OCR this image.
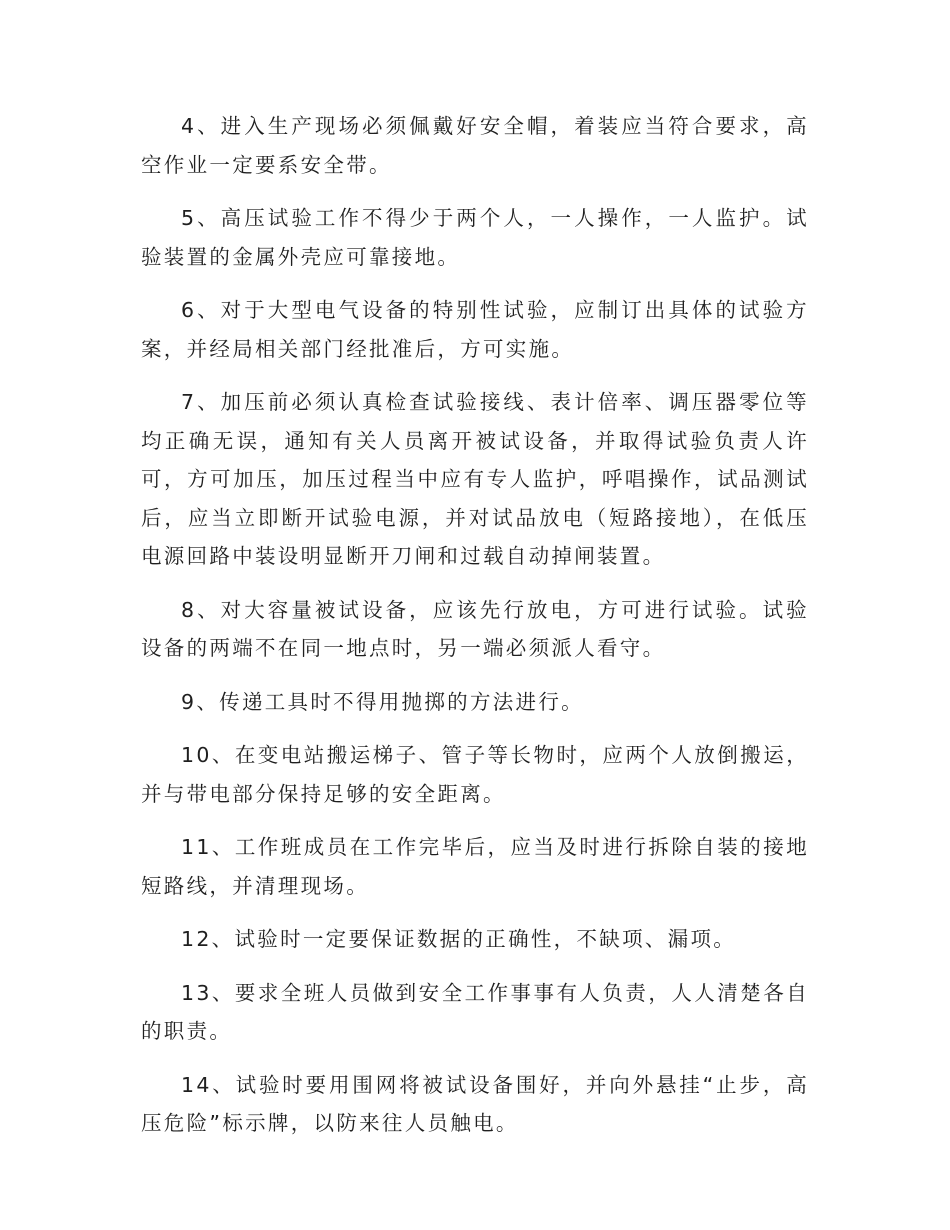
4、进入生产现场必须佩戴好安全帽，着装应当符合要求，高空作业一定要系安全带。

5、高压试验工作不得少于两个人，一人操作，一人监护。试验装置的金属外壳应可靠接地。

6、对于大型电气设备的特别性试验，应制订出具体的试验方案，并经局相关部门经批准后，方可实施。

7、加压前必须认真检查试验接线、表计倍率、调压器零位等均正确无误，通知有关人员离开被试设备，并取得试验负责人许可，方可加压，加压过程当中应有专人监护，呼唱操作，试品测试后，应当立即断开试验电源，并对试品放电（短路接地），在低压电源回路中装设明显断开刀闸和过载自动掉闸装置。

8、对大容量被试设备，应该先行放电，方可进行试验。试验设备的两端不在同一地点时，另一端必须派人看守。

9、传递工具时不得用抛掷的方法进行。

10、在变电站搬运梯子、管子等长物时，应两个人放倒搬运，并与带电部分保持足够的安全距离。

11、工作班成员在工作完毕后，应当及时进行拆除自装的接地短路线，并清理现场。

12、试验时一定要保证数据的正确性，不缺项、漏项。

13、要求全班人员做到安全工作事事有人负责，人人清楚各自的职责。

14、试验时要用围网将被试设备围好，并向外悬挂“止步，高压危险”标示牌，以防来往人员触电。
